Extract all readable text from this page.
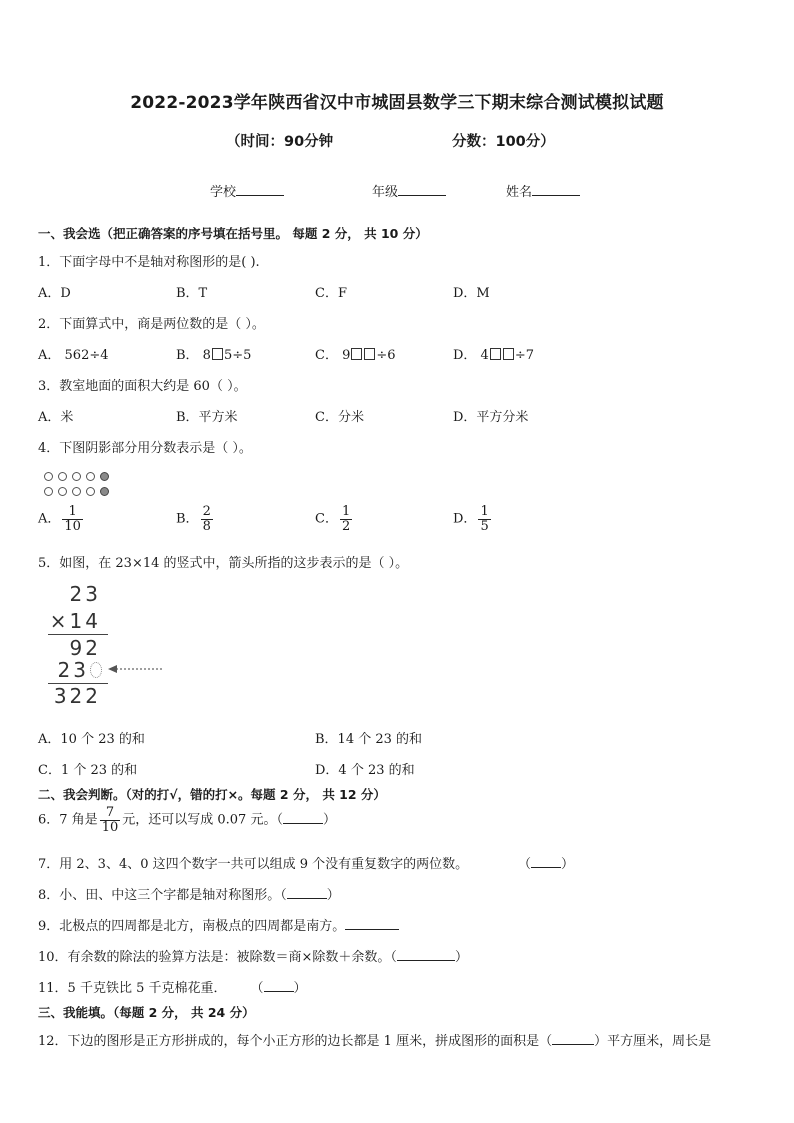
2022-2023学年陕西省汉中市城固县数学三下期末综合测试模拟试题
（时间：90分钟	分数：100分）
学校	年级	姓名
一、我会选（把正确答案的序号填在括号里。 每题 2 分， 共 10 分）
1．下面字母中不是轴对称图形的是( ).
A．D	B．T	C．F	D．M
2．下面算式中，商是两位数的是（ ）。
A． 562÷4	B． 8 5÷5	C． 9 ÷6	D． 4 ÷7
3．教室地面的面积大约是 60（ ）。
A．米	B．平方米	C．分米	D．平方分米
4．下图阴影部分用分数表示是（ ）。
A． $\frac{1}{10}$	B． $\frac{2}{8}$	C． $\frac{1}{2}$	D． $\frac{1}{5}$
5．如图，在 23×14 的竖式中，箭头所指的这步表示的是（ ）。
23
×14
92
23
322
A．10 个 23 的和	B．14 个 23 的和
C．1 个 23 的和	D．4 个 23 的和
二、我会判断。（对的打√，错的打×。每题 2 分， 共 12 分）
6．7 角是 $\frac{7}{10}$ 元，还可以写成 0.07 元。（	）
7．用 2、3、4、0 这四个数字一共可以组成 9 个没有重复数字的两位数。	（ ）
8．小、田、中这三个字都是轴对称图形。（	）
9．北极点的四周都是北方，南极点的四周都是南方。
10．有余数的除法的验算方法是：被除数＝商×除数＋余数。（	）
11．5 千克铁比 5 千克棉花重． （ ）
三、我能填。（每题 2 分， 共 24 分）
12．下边的图形是正方形拼成的，每个小正方形的边长都是 1 厘米，拼成图形的面积是（	）平方厘米，周长是
